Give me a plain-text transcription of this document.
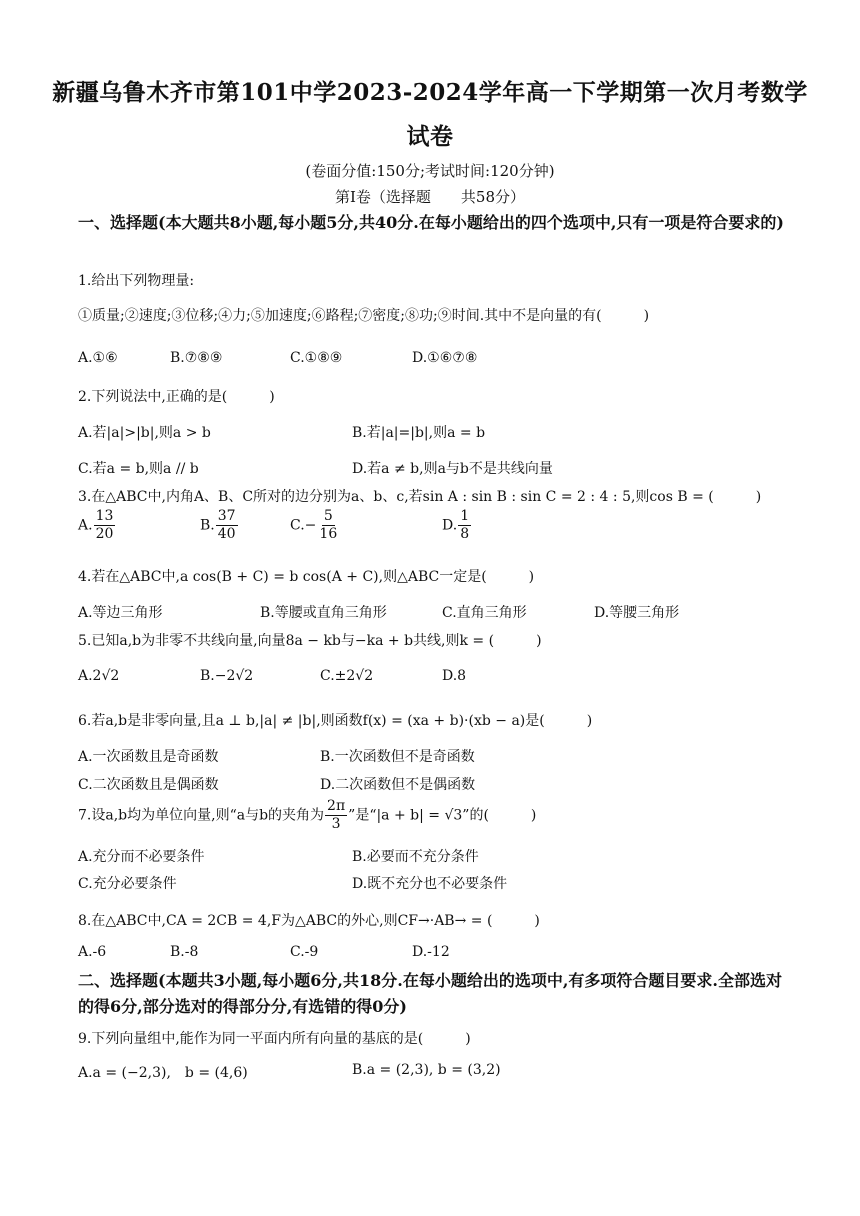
新疆乌鲁木齐市第101中学2023-2024学年高一下学期第一次月考数学
试卷
(卷面分值:150分;考试时间:120分钟)
第I卷（选择题　　共58分）
一、选择题(本大题共8小题,每小题5分,共40分.在每小题给出的四个选项中,只有一项是符合要求的)
1.给出下列物理量:
①质量;②速度;③位移;④力;⑤加速度;⑥路程;⑦密度;⑧功;⑨时间.其中不是向量的有(　　　)
A.①⑥	B.⑦⑧⑨	C.①⑧⑨	D.①⑥⑦⑧
2.下列说法中,正确的是(　　　)
A.若|a|>|b|,则a > b	B.若|a|=|b|,则a = b
C.若a = b,则a // b	D.若a ≠ b,则a与b不是共线向量
3.在△ABC中,内角A、B、C所对的边分别为a、b、c,若sin A : sin B : sin C = 2 : 4 : 5,则cos B = (　　　)
A. $\frac{13}{20}$	B. $\frac{37}{40}$	$C.- \frac{5}{16}$	D. $\frac{1}{8}$
4.若在△ABC中,a cos(B + C) = b cos(A + C),则△ABC一定是(　　　)
A.等边三角形	B.等腰或直角三角形	C.直角三角形	D.等腰三角形
5.已知a,b为非零不共线向量,向量8a − kb与−ka + b共线,则k = (　　　)
A.2√2	B.−2√2	C.±2√2	D.8
6.若a,b是非零向量,且a ⊥ b,|a| ≠ |b|,则函数f(x) = (xa + b)·(xb − a)是(　　　)
A.一次函数且是奇函数	B.一次函数但不是奇函数
C.二次函数且是偶函数	D.二次函数但不是偶函数
7.设a,b均为单位向量,则“a与b的夹角为 $\frac{2\pi}{3}$ ”是“|a + b| = √3”的(　　　)
A.充分而不必要条件	B.必要而不充分条件
C.充分必要条件	D.既不充分也不必要条件
8.在△ABC中,CA = 2CB = 4,F为△ABC的外心,则CF→·AB→ = (　　　)
A.-6	B.-8	C.-9	D.-12
二、选择题(本题共3小题,每小题6分,共18分.在每小题给出的选项中,有多项符合题目要求.全部选对的得6分,部分选对的得部分分,有选错的得0分)
9.下列向量组中,能作为同一平面内所有向量的基底的是(　　　)
A.a = (−2,3),　b = (4,6)	B.a = (2,3), b = (3,2)
